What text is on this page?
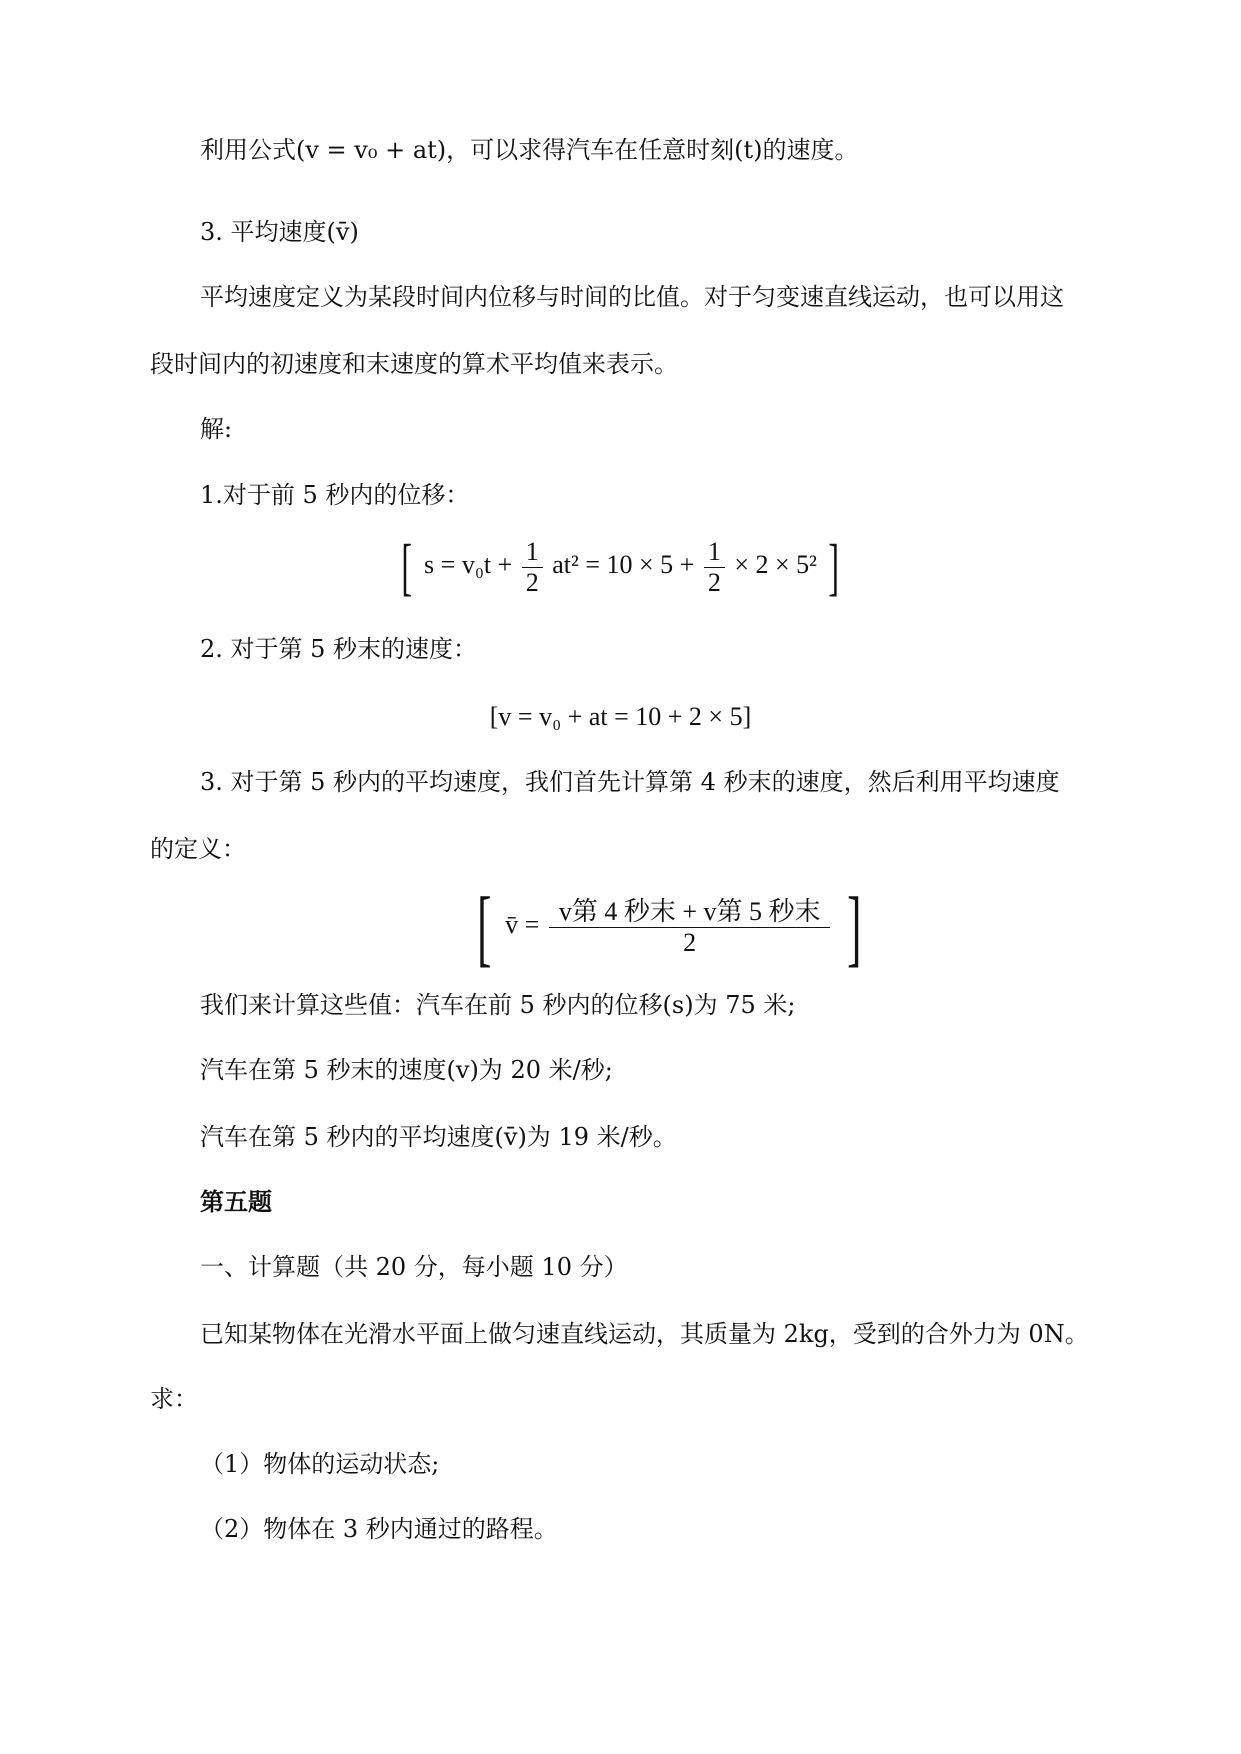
利用公式(v = v₀ + at)，可以求得汽车在任意时刻(t)的速度。
3. 平均速度(v̄)
平均速度定义为某段时间内位移与时间的比值。对于匀变速直线运动，也可以用这
段时间内的初速度和末速度的算术平均值来表示。
解:
1.对于前 5 秒内的位移：
[ $s = v_0t + \frac{1}{2} at^2 = 10 \times 5 + \frac{1}{2} \times 2 \times 5^2$ ]
2. 对于第 5 秒末的速度：
[v = v₀ + at = 10 + 2 × 5]
3. 对于第 5 秒内的平均速度，我们首先计算第 4 秒末的速度，然后利用平均速度
的定义：
[ v̄ = $\frac{\text{v第 4 秒末 + v第 5 秒末}}{2}$ ]
我们来计算这些值：汽车在前 5 秒内的位移(s)为 75 米;
汽车在第 5 秒末的速度(v)为 20 米/秒;
汽车在第 5 秒内的平均速度(v̄)为 19 米/秒。
第五题
一、计算题（共 20 分，每小题 10 分）
已知某物体在光滑水平面上做匀速直线运动，其质量为 2kg，受到的合外力为 0N。
求：
（1）物体的运动状态;
（2）物体在 3 秒内通过的路程。
